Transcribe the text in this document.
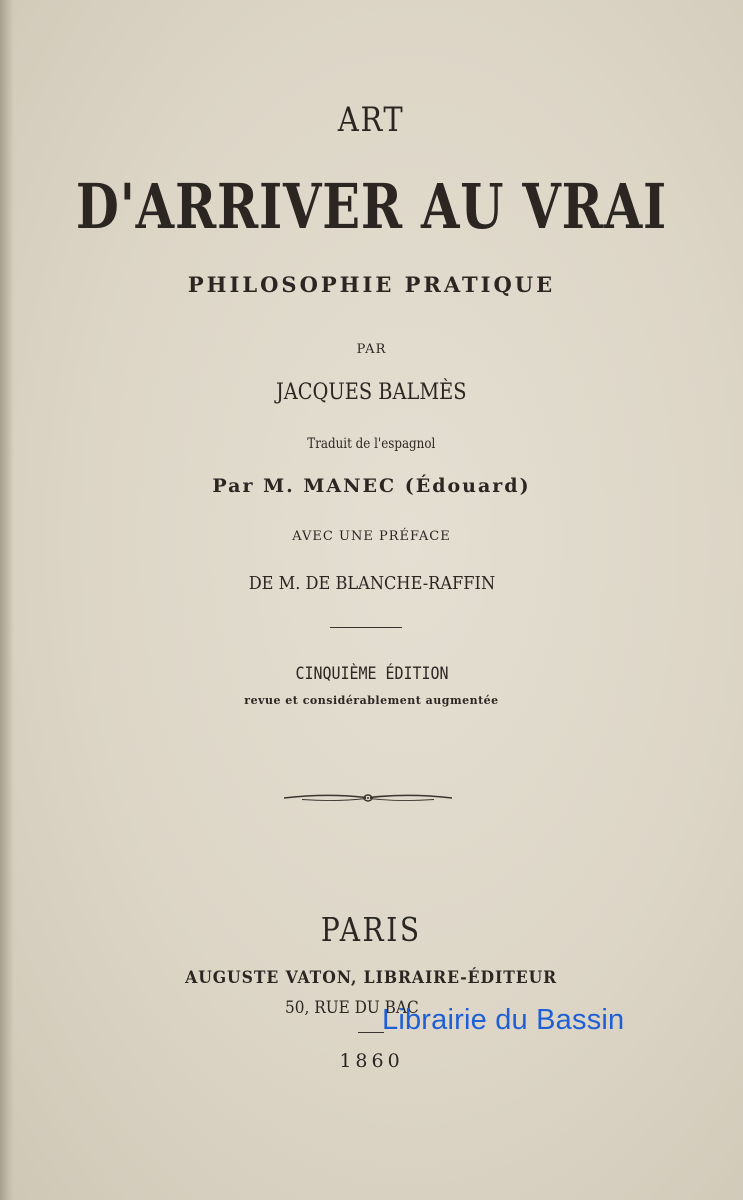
ART
D'ARRIVER AU VRAI
PHILOSOPHIE PRATIQUE
PAR
JACQUES BALMÈS
Traduit de l'espagnol
Par M. MANEC (Édouard)
AVEC UNE PRÉFACE
DE M. DE BLANCHE-RAFFIN
CINQUIÈME ÉDITION
revue et considérablement augmentée
PARIS
AUGUSTE VATON, LIBRAIRE-ÉDITEUR
50, RUE DU BAC
1860
Librairie du Bassin
